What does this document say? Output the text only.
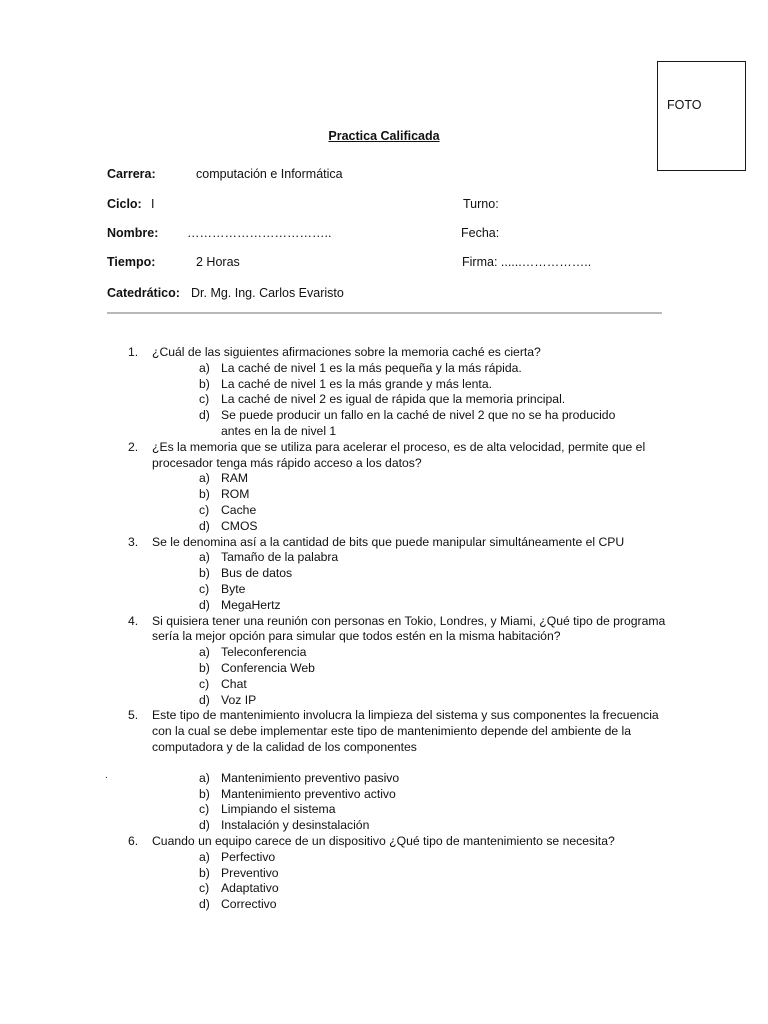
FOTO
Practica Calificada
Carrera:	computación e Informática
Ciclo: I	Turno:
Nombre: ……………………………..	Fecha:
Tiempo:	2 Horas	Firma: ......……………..
Catedrático: Dr. Mg. Ing. Carlos Evaristo
1. ¿Cuál de las siguientes afirmaciones sobre la memoria caché es cierta?
a) La caché de nivel 1 es la más pequeña y la más rápida.
b) La caché de nivel 1 es la más grande y más lenta.
c) La caché de nivel 2 es igual de rápida que la memoria principal.
d) Se puede producir un fallo en la caché de nivel 2 que no se ha producido antes en la de nivel 1
2. ¿Es la memoria que se utiliza para acelerar el proceso, es de alta velocidad, permite que el procesador tenga más rápido acceso a los datos?
a) RAM
b) ROM
c) Cache
d) CMOS
3. Se le denomina así a la cantidad de bits que puede manipular simultáneamente el CPU
a) Tamaño de la palabra
b) Bus de datos
c) Byte
d) MegaHertz
4. Si quisiera tener una reunión con personas en Tokio, Londres, y Miami, ¿Qué tipo de programa sería la mejor opción para simular que todos estén en la misma habitación?
a) Teleconferencia
b) Conferencia Web
c) Chat
d) Voz IP
5. Este tipo de mantenimiento involucra la limpieza del sistema y sus componentes la frecuencia con la cual se debe implementar este tipo de mantenimiento depende del ambiente de la computadora y de la calidad de los componentes
a) Mantenimiento preventivo pasivo
b) Mantenimiento preventivo activo
c) Limpiando el sistema
d) Instalación y desinstalación
6. Cuando un equipo carece de un dispositivo ¿Qué tipo de mantenimiento se necesita?
a) Perfectivo
b) Preventivo
c) Adaptativo
d) Correctivo
.
